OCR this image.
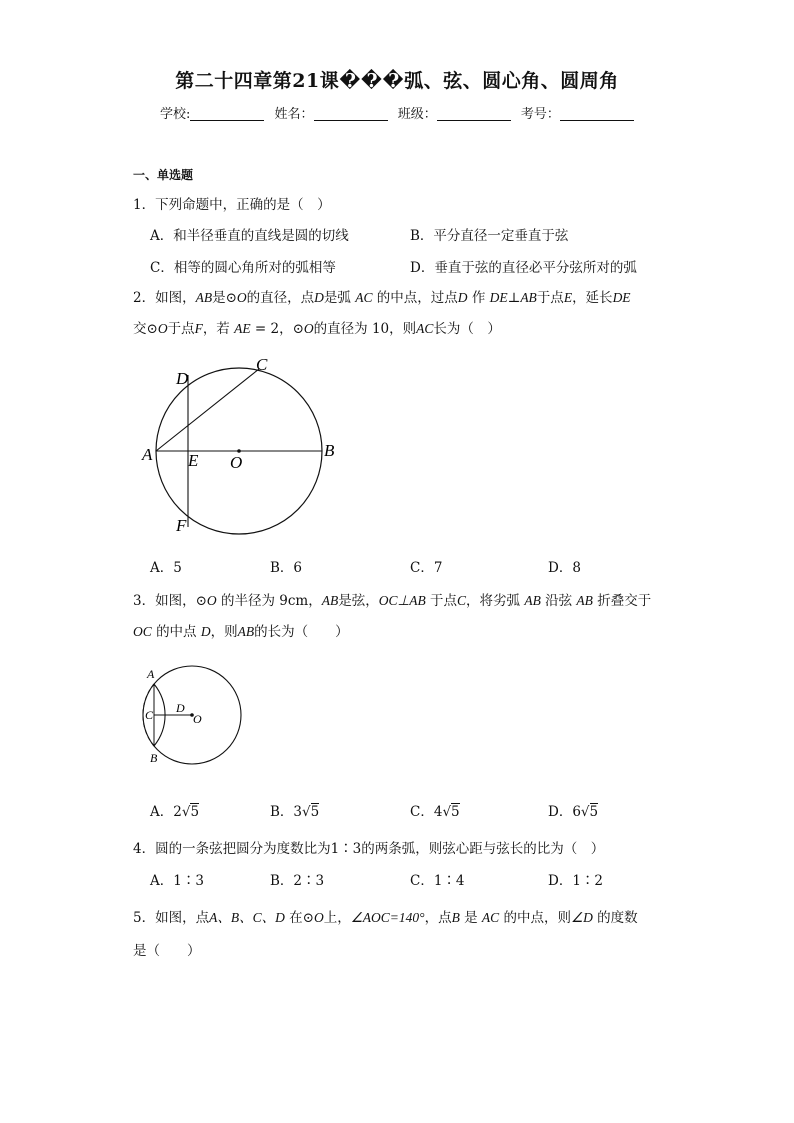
第二十四章第21课���弧、弦、圆心角、圆周角
学校:	姓名：	班级：	考号：
一、单选题
1．下列命题中，正确的是（　）
A．和半径垂直的直线是圆的切线	B．平分直径一定垂直于弦
C．相等的圆心角所对的弧相等	D．垂直于弦的直径必平分弦所对的弧
2．如图，AB是⊙O的直径，点D是弧 AC 的中点，过点D 作 DE⊥AB于点E，延长DE
交⊙O于点F，若 AE = 2，⊙O的直径为 10，则AC长为（　）
A	B
C
D
E O
F
A．5	B．6	C．7	D．8
3．如图，⊙O 的半径为 9cm，AB是弦，OC⊥AB 于点C，将劣弧 AB 沿弦 AB 折叠交于
OC 的中点 D，则AB的长为（　　）
A
B
C D
O
A．2√5	B．3√5	C．4√5	D．6√5
4．圆的一条弦把圆分为度数比为1∶3的两条弧，则弦心距与弦长的比为（　）
A．1∶3	B．2∶3	C．1∶4	D．1∶2
5．如图，点A、B、C、D 在⊙O上，∠AOC=140°，点B 是 AC 的中点，则∠D 的度数
是（　　）
